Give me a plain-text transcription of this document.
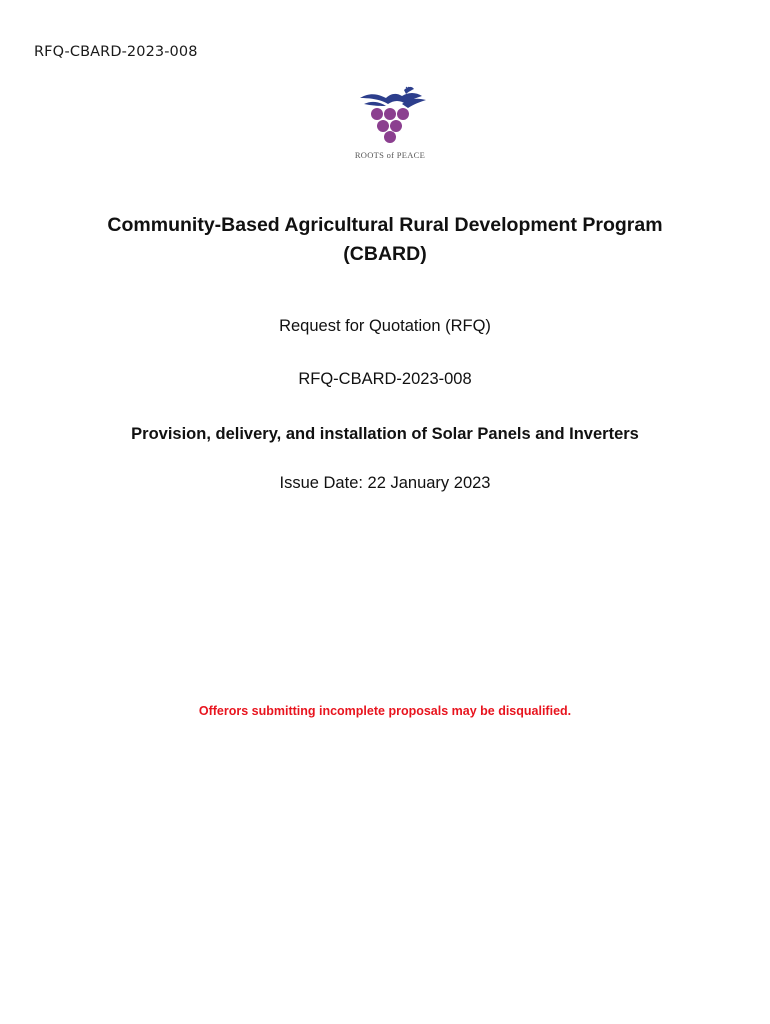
RFQ-CBARD-2023-008
ROOTS of PEACE
Community-Based Agricultural Rural Development Program
(CBARD)
Request for Quotation (RFQ)
RFQ-CBARD-2023-008
Provision, delivery, and installation of Solar Panels and Inverters
Issue Date: 22 January 2023
Offerors submitting incomplete proposals may be disqualified.
